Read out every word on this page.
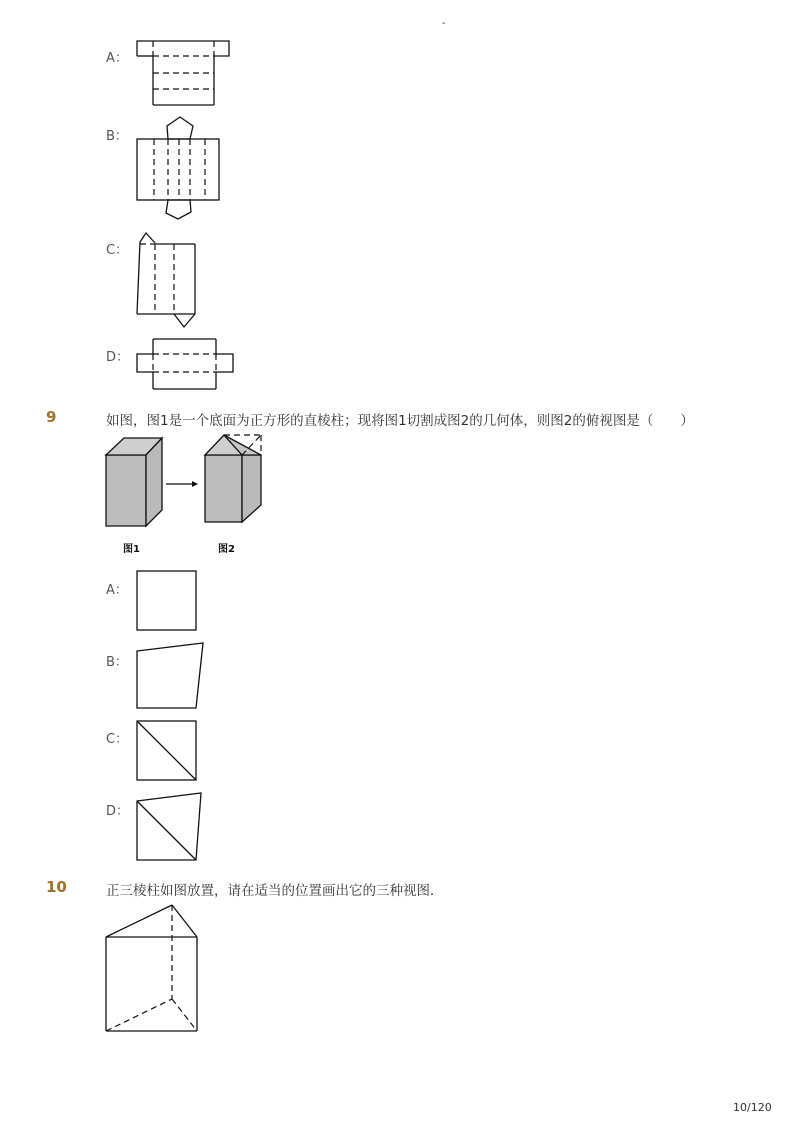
-
A：
B：
C：
D：
9	如图，图1是一个底面为正方形的直棱柱；现将图1切割成图2的几何体，则图2的俯视图是（　　）
图1	图2
A：
B：
C：
D：
10	正三棱柱如图放置，请在适当的位置画出它的三种视图．
10/120
